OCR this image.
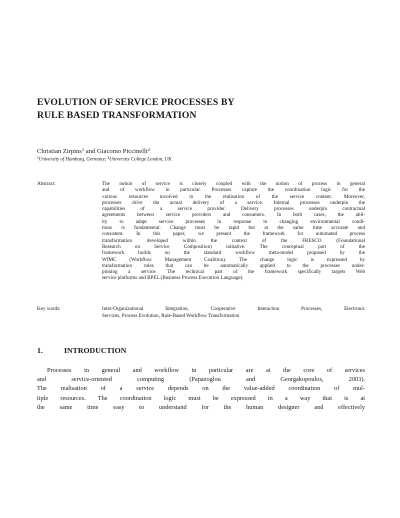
EVOLUTION OF SERVICE PROCESSES BY
RULE BASED TRANSFORMATION
Christian Zirpins$^1$ and Giacomo Piccinelli$^2$
$^1$University of Hamburg, Germany; $^2$University College London, UK
Abstract:	The notion of service is closely coupled with the notion of process in general
and of workflow in particular. Processes capture the coordination logic for the
various resources involved in the realisation of the service content. Moreover,
processes drive the actual delivery of a service. Internal processes underpin the
capabilities of a service provider. Delivery processes underpin contractual
agreements between service providers and consumers. In both cases, the abil-
ity to adapt service processes in response to changing environmental condi-
tions is fundamental. Change must be rapid but at the same time accurate and
consistent. In this paper, we present the framework for automated process
transformation developed within the context of the FRESCO (Foundational
Research on Service Composition) initiative. The conceptual part of the
framework builds on the standard workflow meta-model proposed by the
WfMC (Workflow Management Coalition). The change logic is expressed by
transformation rules that can be automatically applied to the processes under-
pinning a service. The technical part of the framework specifically targets Web
service platforms and BPEL (Business Process Execution Language).
Key words:	Inter-Organizational Integration, Cooperative Interaction Processes, Electronic
Services, Process Evolution, Rule-Based Workflow Transformation
1.	INTRODUCTION
Processes in general and workflow in particular are at the core of services
and service-oriented computing (Papazoglou and Georgakopoulos, 2003).
The realisation of a service depends on the value-added coordination of mul-
tiple resources. The coordination logic must be expressed in a way that is at
the same time easy to understand for the human designer and effectively
